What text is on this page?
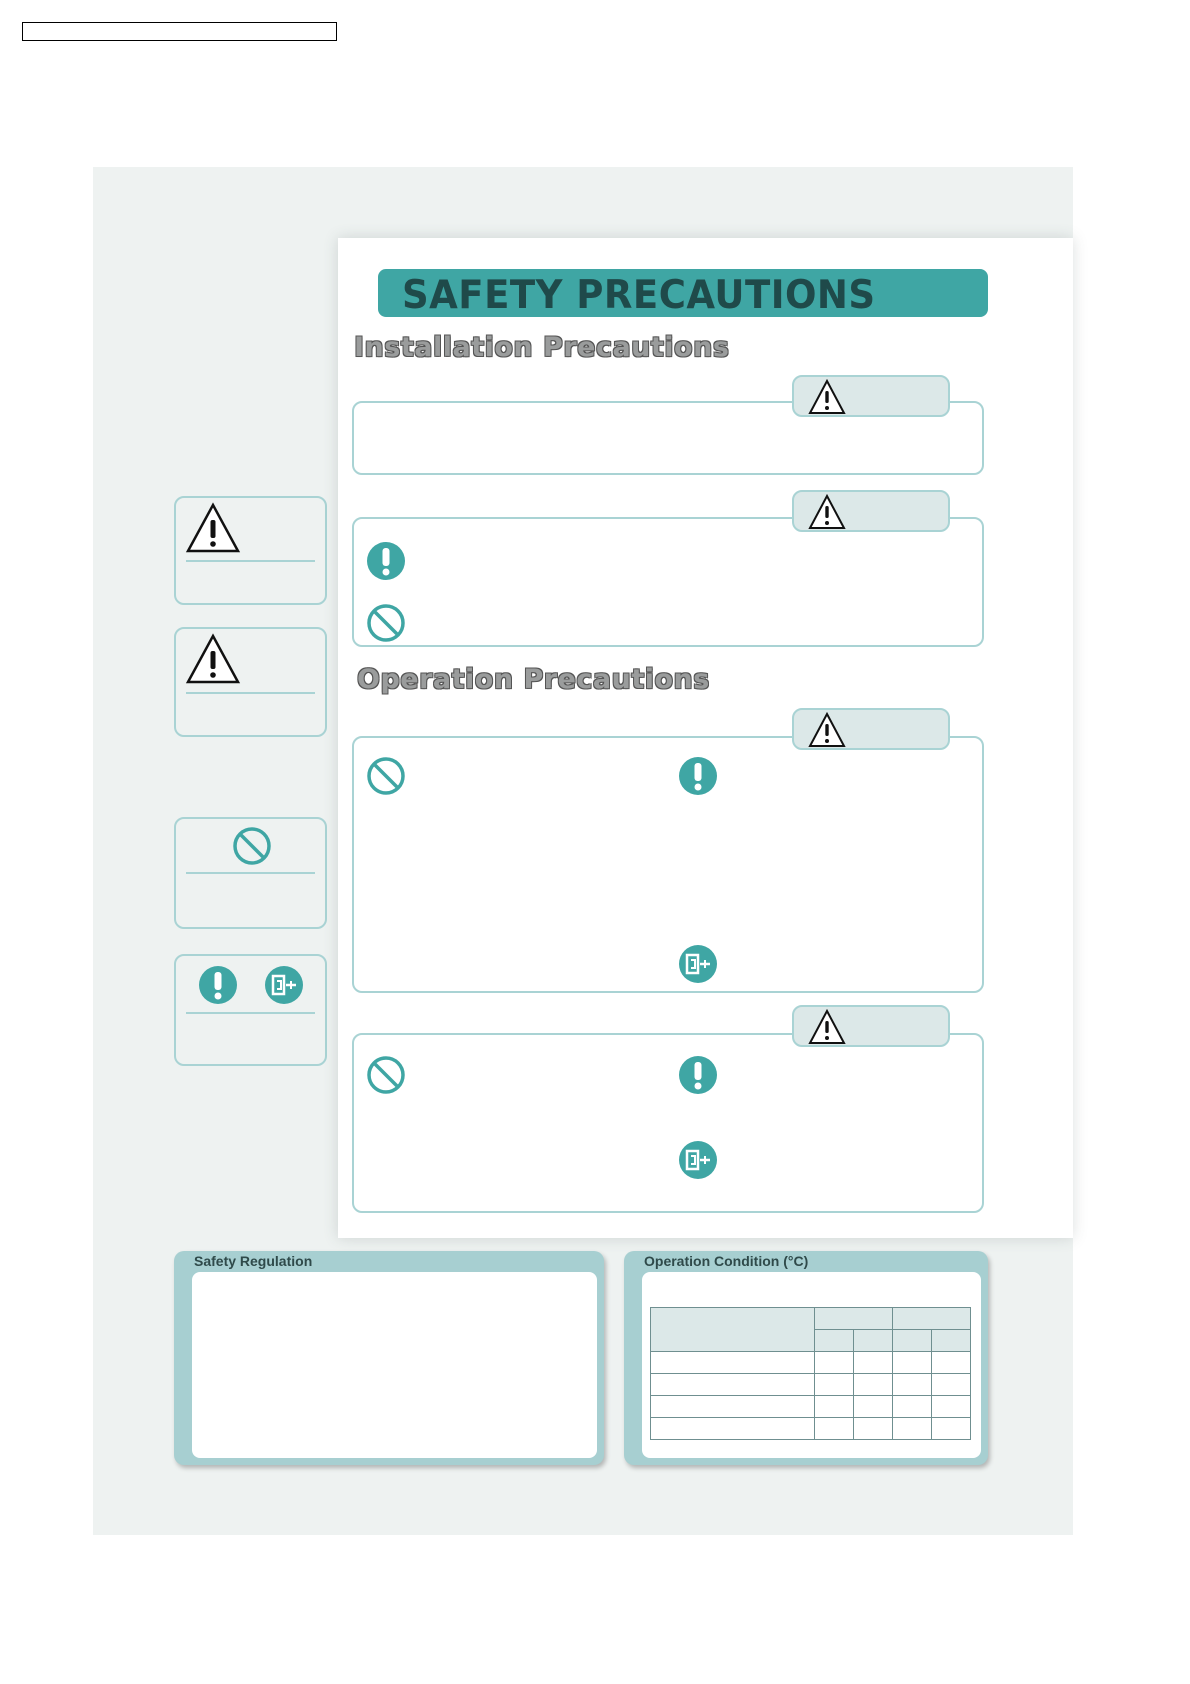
SAFETY PRECAUTIONS
Installation Precautions
Operation Precautions
Safety Regulation	Operation Condition (°C)
